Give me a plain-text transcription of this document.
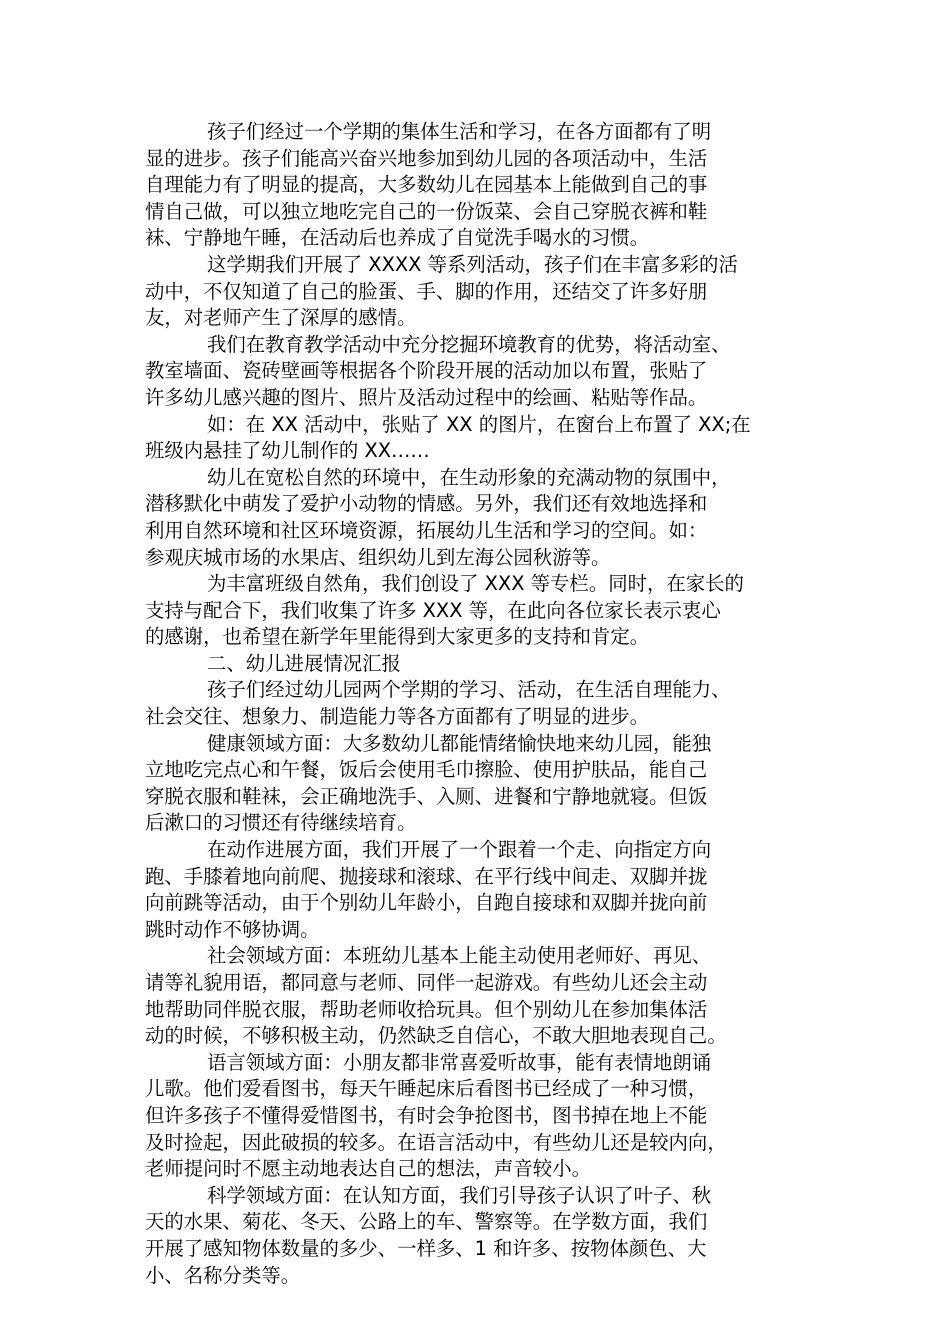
孩子们经过一个学期的集体生活和学习，在各方面都有了明
显的进步。孩子们能高兴奋兴地参加到幼儿园的各项活动中，生活
自理能力有了明显的提高，大多数幼儿在园基本上能做到自己的事
情自己做，可以独立地吃完自己的一份饭菜、会自己穿脱衣裤和鞋
袜、宁静地午睡，在活动后也养成了自觉洗手喝水的习惯。
这学期我们开展了 XXXX 等系列活动，孩子们在丰富多彩的活
动中，不仅知道了自己的脸蛋、手、脚的作用，还结交了许多好朋
友，对老师产生了深厚的感情。
我们在教育教学活动中充分挖掘环境教育的优势，将活动室、
教室墙面、瓷砖壁画等根据各个阶段开展的活动加以布置，张贴了
许多幼儿感兴趣的图片、照片及活动过程中的绘画、粘贴等作品。
如：在 XX 活动中，张贴了 XX 的图片，在窗台上布置了 XX;在
班级内悬挂了幼儿制作的 XX……
幼儿在宽松自然的环境中，在生动形象的充满动物的氛围中，
潜移默化中萌发了爱护小动物的情感。另外，我们还有效地选择和
利用自然环境和社区环境资源，拓展幼儿生活和学习的空间。如：
参观庆城市场的水果店、组织幼儿到左海公园秋游等。
为丰富班级自然角，我们创设了 XXX 等专栏。同时，在家长的
支持与配合下，我们收集了许多 XXX 等，在此向各位家长表示衷心
的感谢，也希望在新学年里能得到大家更多的支持和肯定。
二、幼儿进展情况汇报
孩子们经过幼儿园两个学期的学习、活动，在生活自理能力、
社会交往、想象力、制造能力等各方面都有了明显的进步。
健康领域方面：大多数幼儿都能情绪愉快地来幼儿园，能独
立地吃完点心和午餐，饭后会使用毛巾擦脸、使用护肤品，能自己
穿脱衣服和鞋袜，会正确地洗手、入厕、进餐和宁静地就寝。但饭
后漱口的习惯还有待继续培育。
在动作进展方面，我们开展了一个跟着一个走、向指定方向
跑、手膝着地向前爬、抛接球和滚球、在平行线中间走、双脚并拢
向前跳等活动，由于个别幼儿年龄小，自跑自接球和双脚并拢向前
跳时动作不够协调。
社会领域方面：本班幼儿基本上能主动使用老师好、再见、
请等礼貌用语，都同意与老师、同伴一起游戏。有些幼儿还会主动
地帮助同伴脱衣服，帮助老师收拾玩具。但个别幼儿在参加集体活
动的时候，不够积极主动，仍然缺乏自信心，不敢大胆地表现自己。
语言领域方面：小朋友都非常喜爱听故事，能有表情地朗诵
儿歌。他们爱看图书，每天午睡起床后看图书已经成了一种习惯，
但许多孩子不懂得爱惜图书，有时会争抢图书，图书掉在地上不能
及时捡起，因此破损的较多。在语言活动中，有些幼儿还是较内向，
老师提问时不愿主动地表达自己的想法，声音较小。
科学领域方面：在认知方面，我们引导孩子认识了叶子、秋
天的水果、菊花、冬天、公路上的车、警察等。在学数方面，我们
开展了感知物体数量的多少、一样多、1 和许多、按物体颜色、大
小、名称分类等。
